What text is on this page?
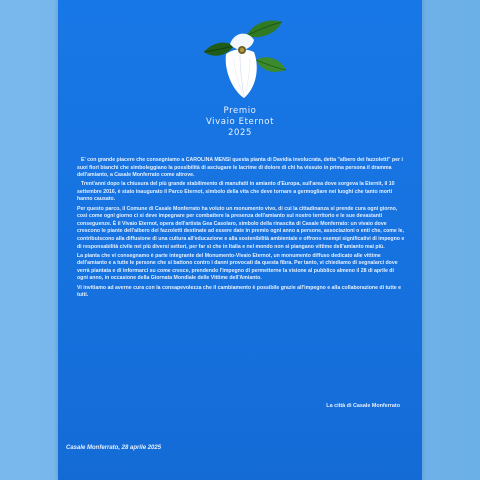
Premio
Vivaio Eternot
2025

E' con grande piacere che consegniamo a CAROLINA MENSI questa pianta di Davidia involucrata, detta "albero dei fazzoletti" per i suoi fiori bianchi che simboleggiano la possibilità di asciugare le lacrime di dolore di chi ha vissuto in prima persona il dramma dell'amianto, a Casale Monferrato come altrove.

Trent'anni dopo la chiusura del più grande stabilimento di manufatti in amianto d'Europa, sull'area dove sorgeva la Eternit, il 10 settembre 2016, è stato inaugurato il Parco Eternot, simbolo della vita che deve tornare a germogliare nei luoghi che tanto morti hanno causato.

Per questo parco, il Comune di Casale Monferrato ha voluto un monumento vivo, di cui la cittadinanza si prende cura ogni giorno, così come ogni giorno ci si deve impegnare per combattere la presenza dell'amianto sul nostro territorio e le sue devastanti conseguenze. È il Vivaio Eternot, opera dell'artista Gea Casolaro, simbolo della rinascita di Casale Monferrato: un vivaio dove crescono le piante dell'albero dei fazzoletti destinate ad essere date in premio ogni anno a persone, associazioni o enti che, come le, contribuiscono alla diffusione di una cultura all'educazione e alla sostenibilità ambientale e offrono esempi significativi di impegno e di responsabilità civile nei più diversi settori, per far sì che in Italia e nel mondo non si piangano vittime dell'amianto mai più.

La pianta che vi consegnamo è parte integrante del Monumento-Vivaio Eternot, un monumento diffuso dedicato alle vittime dell'amianto e a tutte le persone che si battono contro i danni provocati da questa fibra. Per tanto, vi chiediamo di segnalarci dove verrà piantata e di informarci su come cresce, prendendo l'impegno di permetterne la visione al pubblico almeno il 28 di aprile di ogni anno, in occasione della Giornata Mondiale delle Vittime dell'Amianto.

Vi invitiamo ad averne cura con la consapevolezza che il cambiamento è possibile grazie all'impegno e alla collaborazione di tutte e tutti.

La città di Casale Monferrato
Casale Monferrato, 28 aprile 2025
